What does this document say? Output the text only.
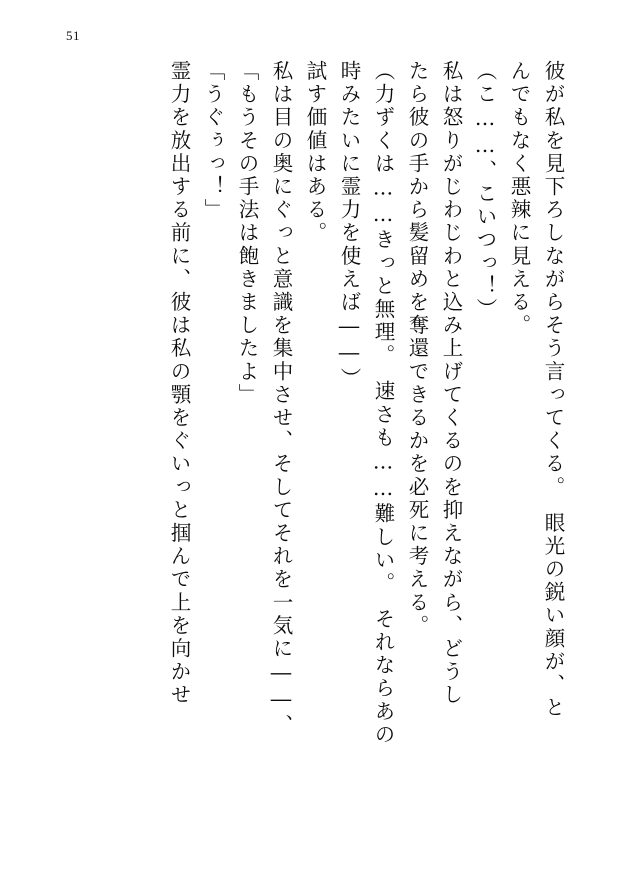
51
彼が私を見下ろしながらそう言ってくる。　眼光の鋭い顔が、と
んでもなく悪辣に見える。
（こ……、こいつっ！）
私は怒りがじわじわと込み上げてくるのを抑えながら、どうし
たら彼の手から髪留めを奪還できるかを必死に考える。
（力ずくは……きっと無理。　速さも……難しい。　それならあの
時みたいに霊力を使えば――）
試す価値はある。
私は目の奥にぐっと意識を集中させ、そしてそれを一気に――、
「もうその手法は飽きましたよ」
「うぐぅっ！」
霊力を放出する前に、彼は私の顎をぐいっと掴んで上を向かせ
